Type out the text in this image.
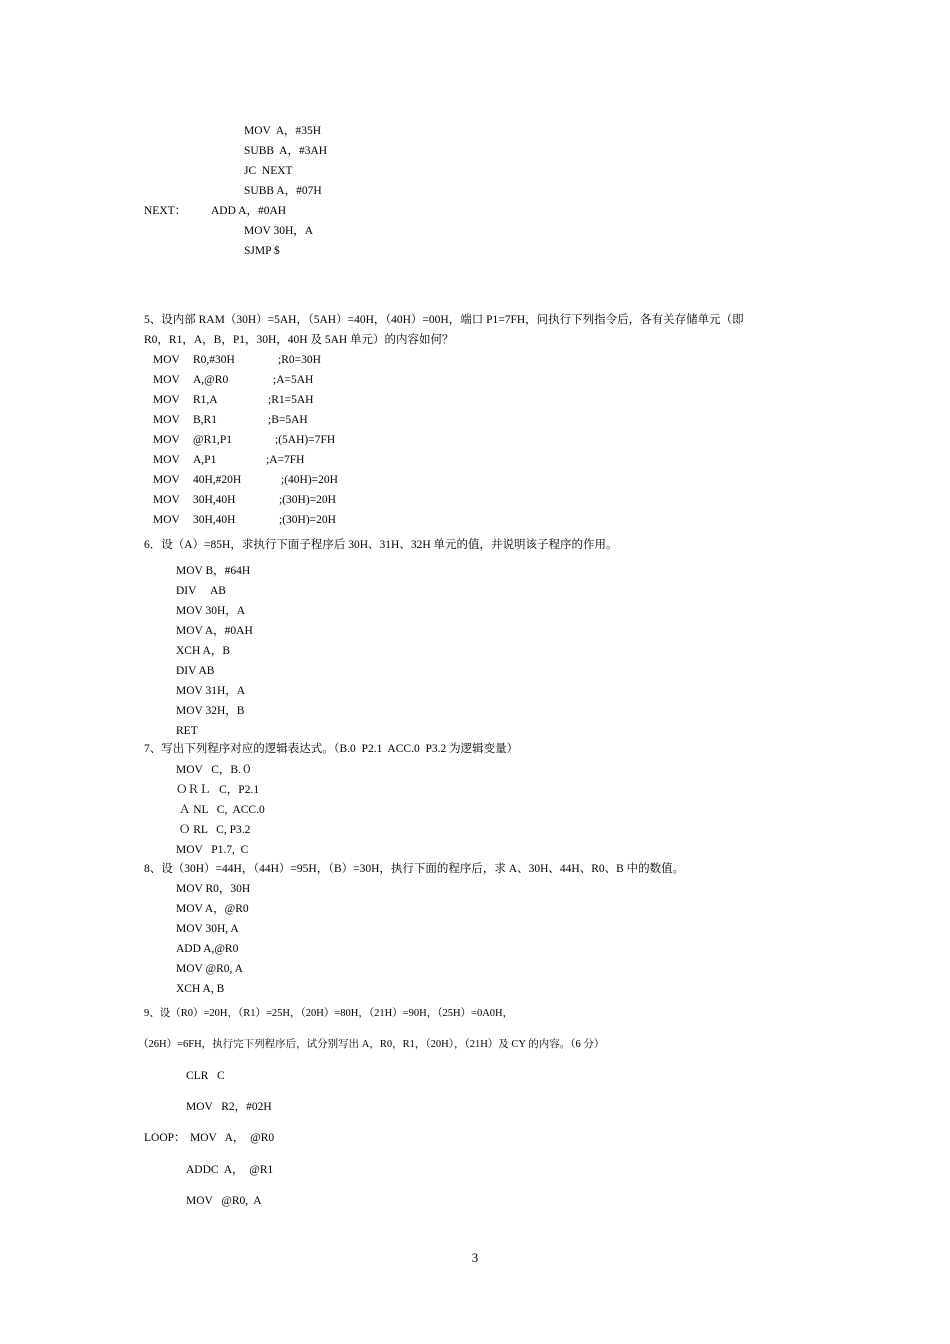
MOV  A，#35H
SUBB  A，#3AH
JC  NEXT
SUBB A，#07H
NEXT： ADD A，#0AH
MOV 30H，A
SJMP $
5、设内部 RAM（30H）=5AH，（5AH）=40H，（40H）=00H，端口 P1=7FH，问执行下列指令后，各有关存储单元（即
R0，R1，A，B，P1，30H，40H 及 5AH 单元）的内容如何？
MOV R0,#30H	;R0=30H
MOV A,@R0	;A=5AH
MOV R1,A	;R1=5AH
MOV B,R1	;B=5AH
MOV @R1,P1	;(5AH)=7FH
MOV A,P1	;A=7FH
MOV 40H,#20H	;(40H)=20H
MOV 30H,40H	;(30H)=20H
MOV 30H,40H	;(30H)=20H
6．设（A）=85H，求执行下面子程序后 30H、31H、32H 单元的值，并说明该子程序的作用。
MOV B，#64H
DIV     AB
MOV 30H，A
MOV A，#0AH
XCH A，B
DIV AB
MOV 31H，A
MOV 32H，B
RET
7、写出下列程序对应的逻辑表达式。（B.0  P2.1  ACC.0  P3.2 为逻辑变量）
MOV   C，B.０
ＯＲＬ   C，P2.1
Ａ NL   C,  ACC.0
Ｏ RL   C, P3.2
MOV   P1.7,  C
8、设（30H）=44H，（44H）=95H，（B）=30H，执行下面的程序后，求 A、30H、44H、R0、B 中的数值。
MOV R0，30H
MOV A，@R0
MOV 30H, A
ADD A,@R0
MOV @R0, A
XCH A, B
9、设（R0）=20H，（R1）=25H，（20H）=80H，（21H）=90H，（25H）=0A0H，
（26H）=6FH，执行完下列程序后，试分别写出 A，R0，R1，（20H），（21H）及 CY 的内容。（6 分）
CLR   C
MOV   R2，#02H
LOOP： MOV   A，  @R0
ADDC  A，  @R1
MOV   @R0,  A
3
